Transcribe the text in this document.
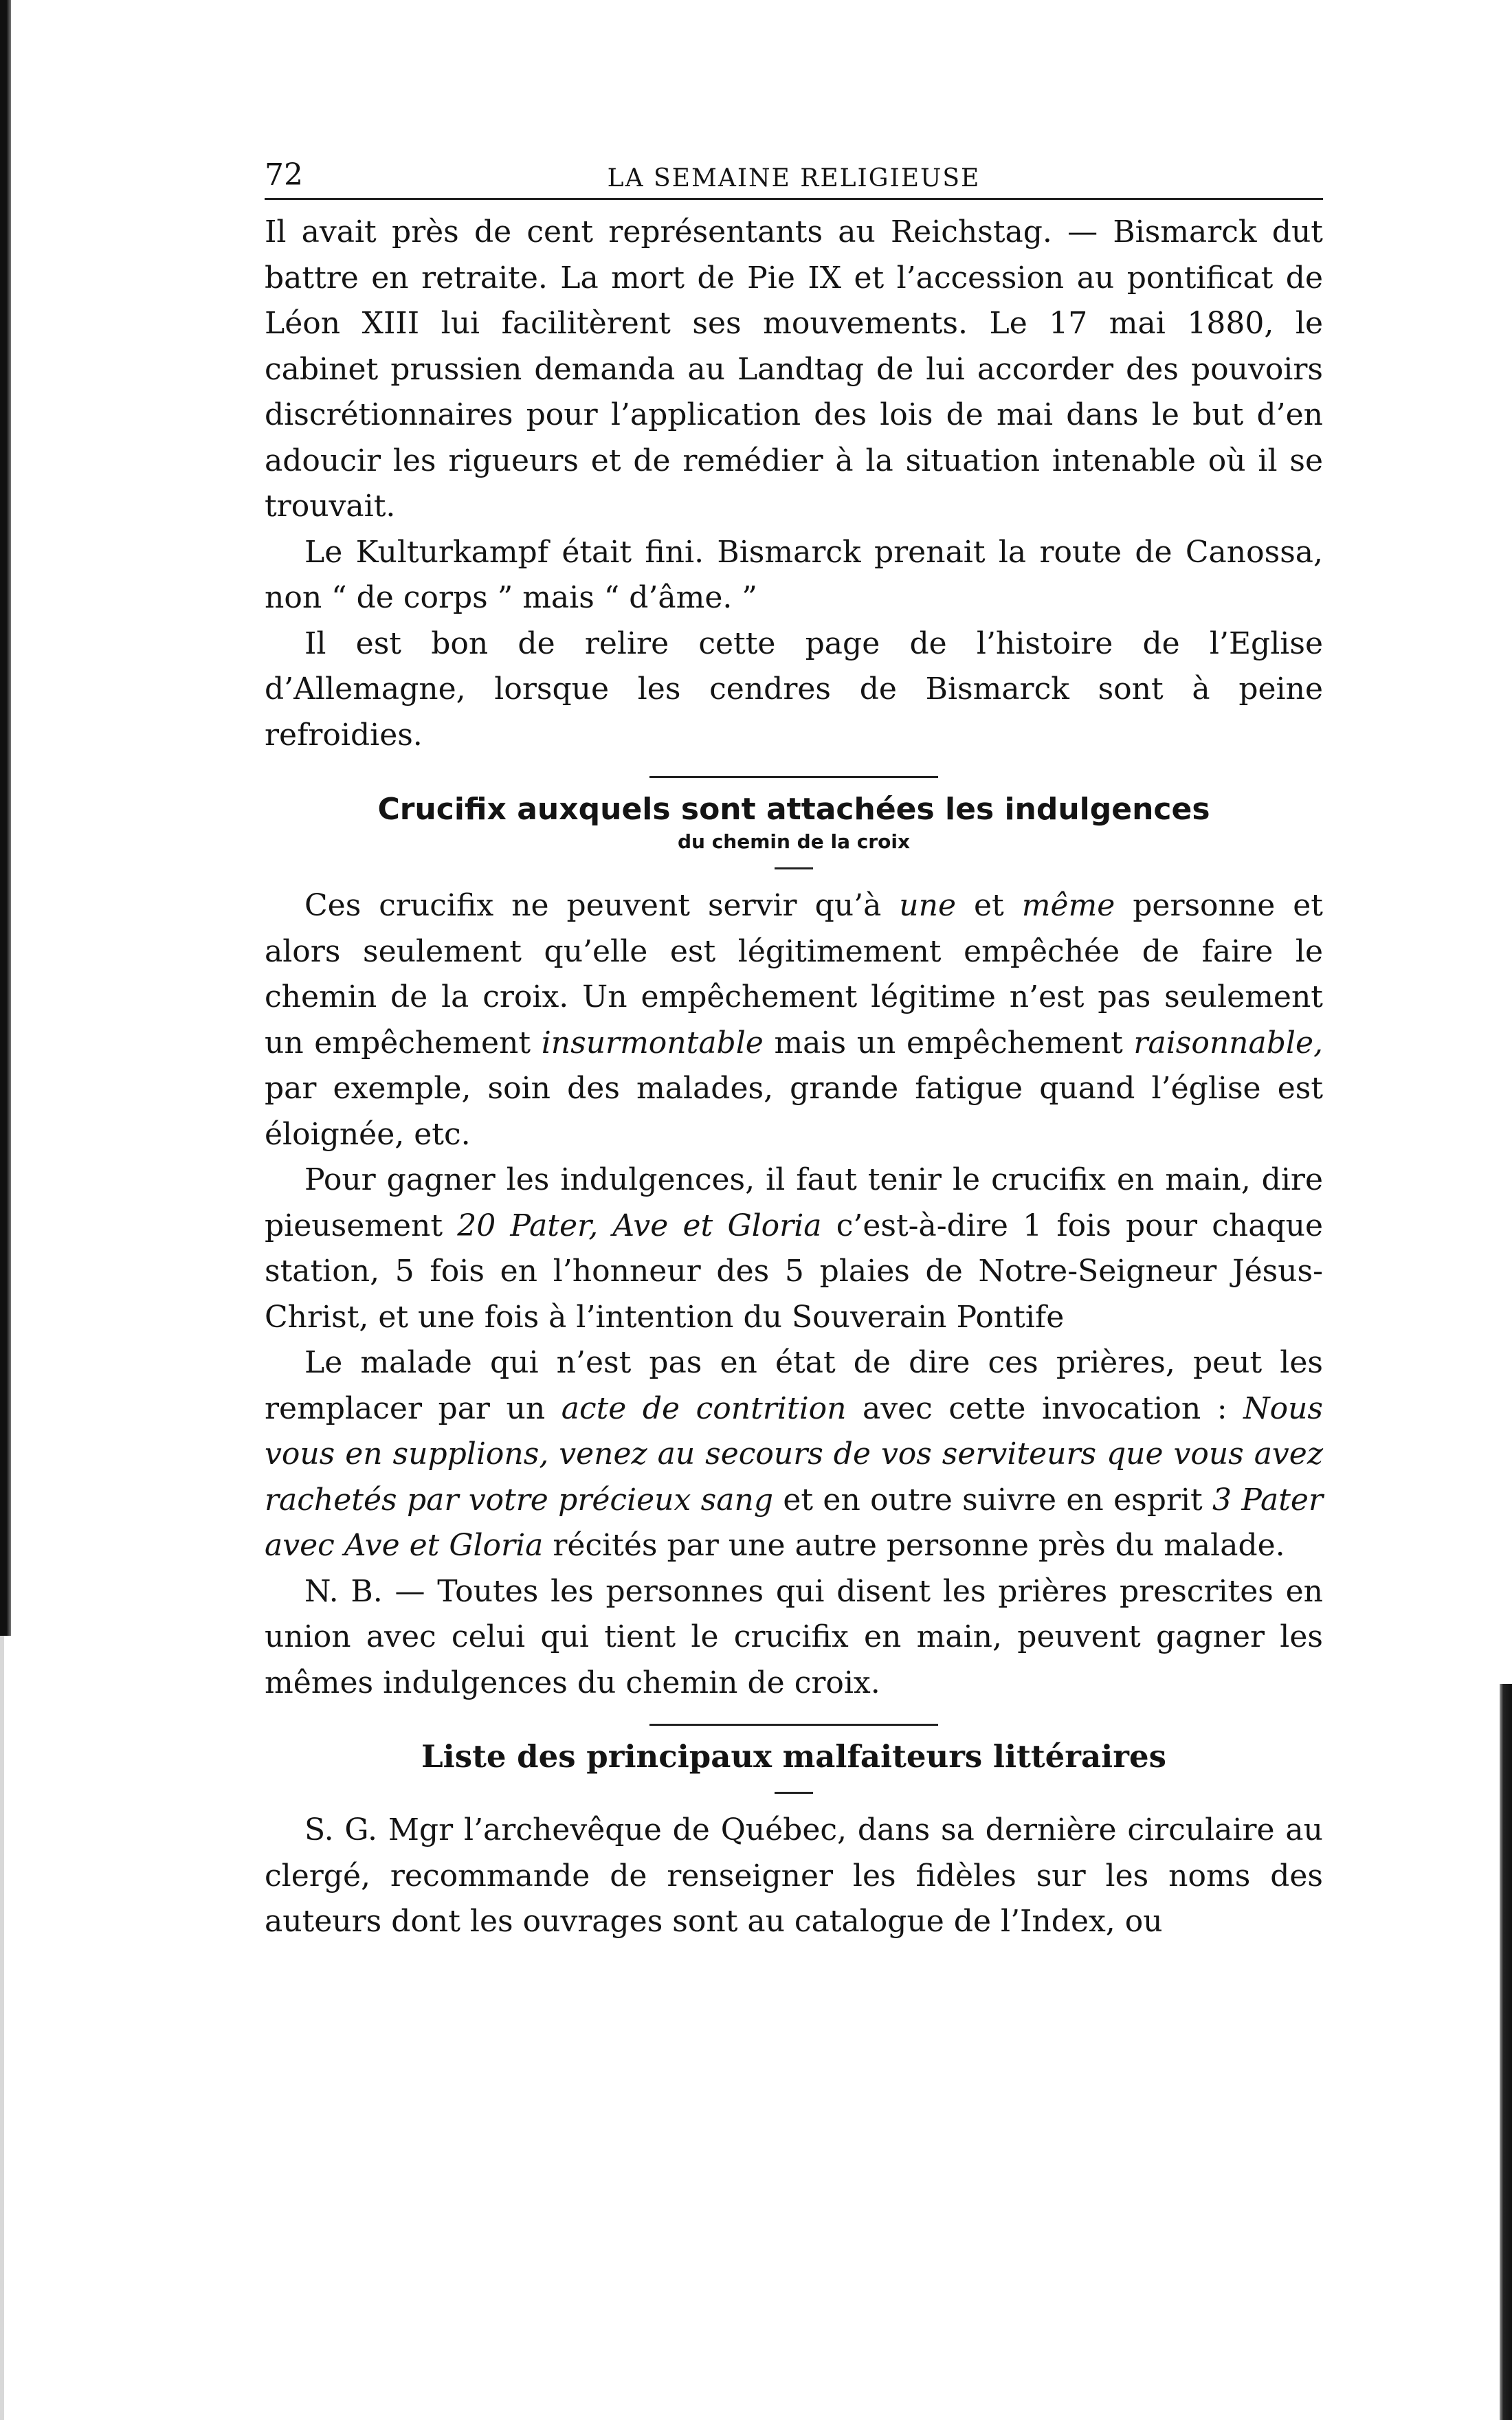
72	LA SEMAINE RELIGIEUSE

Il avait près de cent représentants au Reichstag. — Bismarck dut battre en retraite. La mort de Pie IX et l’accession au pontificat de Léon XIII lui facilitèrent ses mouvements. Le 17 mai 1880, le cabinet prussien demanda au Landtag de lui accorder des pouvoirs discrétionnaires pour l’application des lois de mai dans le but d’en adoucir les rigueurs et de remédier à la situation intenable où il se trouvait.

Le Kulturkampf était fini. Bismarck prenait la route de Canossa, non “ de corps ” mais “ d’âme. ”

Il est bon de relire cette page de l’histoire de l’Eglise d’Allemagne, lorsque les cendres de Bismarck sont à peine refroidies.

Crucifix auxquels sont attachées les indulgences
du chemin de la croix

Ces crucifix ne peuvent servir qu’à une et même personne et alors seulement qu’elle est légitimement empêchée de faire le chemin de la croix. Un empêchement légitime n’est pas seulement un empêchement insurmontable mais un empêchement raisonnable, par exemple, soin des malades, grande fatigue quand l’église est éloignée, etc.

Pour gagner les indulgences, il faut tenir le crucifix en main, dire pieusement 20 Pater, Ave et Gloria c’est-à-dire 1 fois pour chaque station, 5 fois en l’honneur des 5 plaies de Notre-Seigneur Jésus-Christ, et une fois à l’intention du Souverain Pontife

Le malade qui n’est pas en état de dire ces prières, peut les remplacer par un acte de contrition avec cette invocation : Nous vous en supplions, venez au secours de vos serviteurs que vous avez rachetés par votre précieux sang et en outre suivre en esprit 3 Pater avec Ave et Gloria récités par une autre personne près du malade.

N. B. — Toutes les personnes qui disent les prières prescrites en union avec celui qui tient le crucifix en main, peuvent gagner les mêmes indulgences du chemin de croix.

Liste des principaux malfaiteurs littéraires

S. G. Mgr l’archevêque de Québec, dans sa dernière circulaire au clergé, recommande de renseigner les fidèles sur les noms des auteurs dont les ouvrages sont au catalogue de l’Index, ou
